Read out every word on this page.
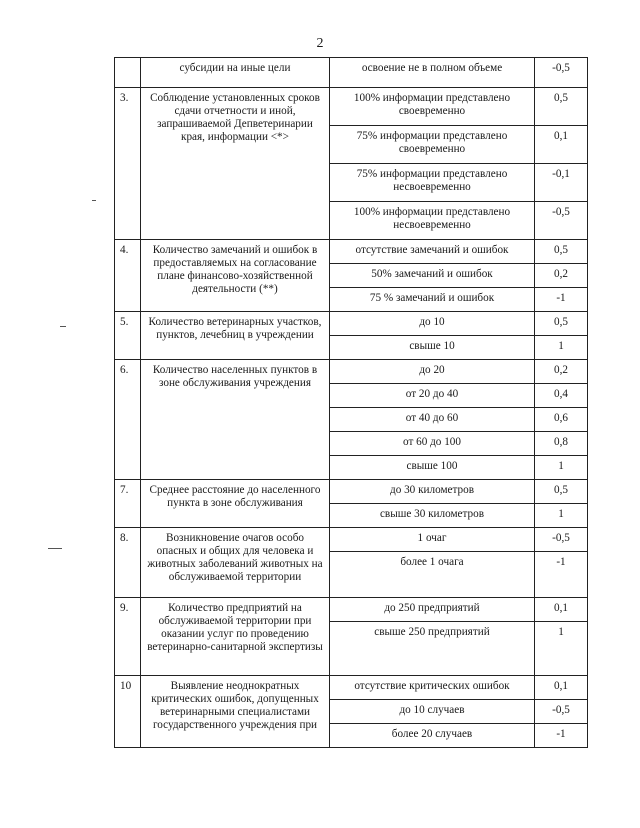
2
	субсидии на иные цели	освоение не в полном объеме	-0,5
3.	Соблюдение установленных сроков сдачи отчетности и иной, запрашиваемой Депветеринарии края, информации <*>	100% информации представлено своевременно	0,5
		75% информации представлено своевременно	0,1
		75% информации представлено несвоевременно	-0,1
		100% информации представлено несвоевременно	-0,5
4.	Количество замечаний и ошибок в предоставляемых на согласование плане финансово-хозяйственной деятельности (**)	отсутствие замечаний и ошибок	0,5
		50% замечаний и ошибок	0,2
		75 % замечаний и ошибок	-1
5.	Количество ветеринарных участков, пунктов, лечебниц в учреждении	до 10	0,5
		свыше 10	1
6.	Количество населенных пунктов в зоне обслуживания учреждения	до 20	0,2
		от 20 до 40	0,4
		от 40 до 60	0,6
		от 60 до 100	0,8
		свыше 100	1
7.	Среднее расстояние до населенного пункта в зоне обслуживания	до 30 километров	0,5
		свыше 30 километров	1
8.	Возникновение очагов особо опасных и общих для человека и животных заболеваний животных на обслуживаемой территории	1 очаг	-0,5
		более 1 очага	-1
9.	Количество предприятий на обслуживаемой территории при оказании услуг по проведению ветеринарно-санитарной экспертизы	до 250 предприятий	0,1
		свыше 250 предприятий	1
10	Выявление неоднократных критических ошибок, допущенных ветеринарными специалистами государственного учреждения при	отсутствие критических ошибок	0,1
		до 10 случаев	-0,5
		более 20 случаев	-1
